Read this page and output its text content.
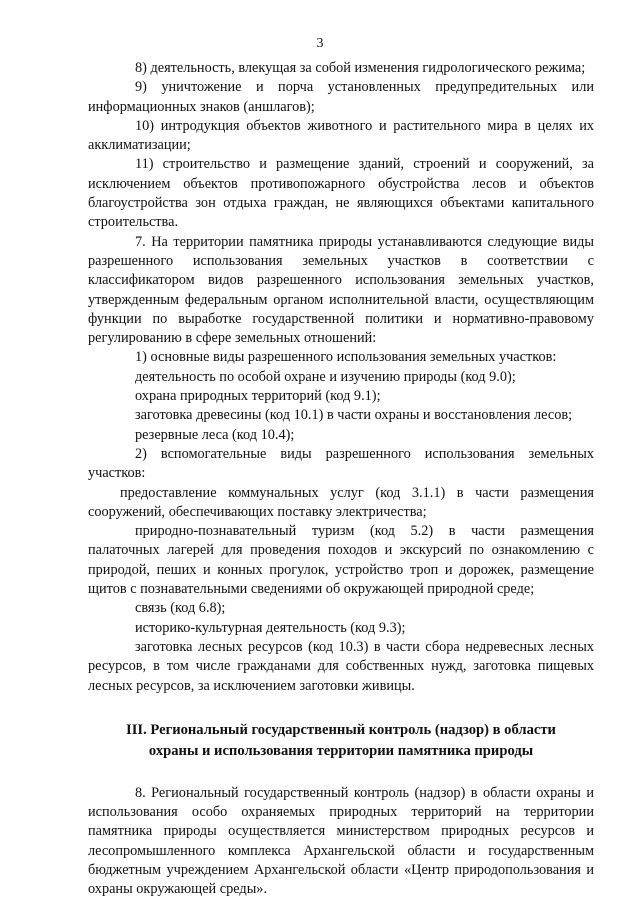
3

8) деятельность, влекущая за собой изменения гидрологического режима;

9) уничтожение и порча установленных предупредительных или информационных знаков (аншлагов);

10) интродукция объектов животного и растительного мира в целях их акклиматизации;

11) строительство и размещение зданий, строений и сооружений, за исключением объектов противопожарного обустройства лесов и объектов благоустройства зон отдыха граждан, не являющихся объектами капитального строительства.

7. На территории памятника природы устанавливаются следующие виды разрешенного использования земельных участков в соответствии с классификатором видов разрешенного использования земельных участков, утвержденным федеральным органом исполнительной власти, осуществляющим функции по выработке государственной политики и нормативно-правовому регулированию в сфере земельных отношений:

1) основные виды разрешенного использования земельных участков:

деятельность по особой охране и изучению природы (код 9.0);

охрана природных территорий (код 9.1);

заготовка древесины (код 10.1) в части охраны и восстановления лесов;

резервные леса (код 10.4);

2) вспомогательные виды разрешенного использования земельных участков:

предоставление коммунальных услуг (код 3.1.1) в части размещения сооружений, обеспечивающих поставку электричества;

природно-познавательный туризм (код 5.2) в части размещения палаточных лагерей для проведения походов и экскурсий по ознакомлению с природой, пеших и конных прогулок, устройство троп и дорожек, размещение щитов с познавательными сведениями об окружающей природной среде;

связь (код 6.8);

историко-культурная деятельность (код 9.3);

заготовка лесных ресурсов (код 10.3) в части сбора недревесных лесных ресурсов, в том числе гражданами для собственных нужд, заготовка пищевых лесных ресурсов, за исключением заготовки живицы.

III. Региональный государственный контроль (надзор) в области
охраны и использования территории памятника природы

8. Региональный государственный контроль (надзор) в области охраны и использования особо охраняемых природных территорий на территории памятника природы осуществляется министерством природных ресурсов и лесопромышленного комплекса Архангельской области и государственным бюджетным учреждением Архангельской области «Центр природопользования и охраны окружающей среды».
